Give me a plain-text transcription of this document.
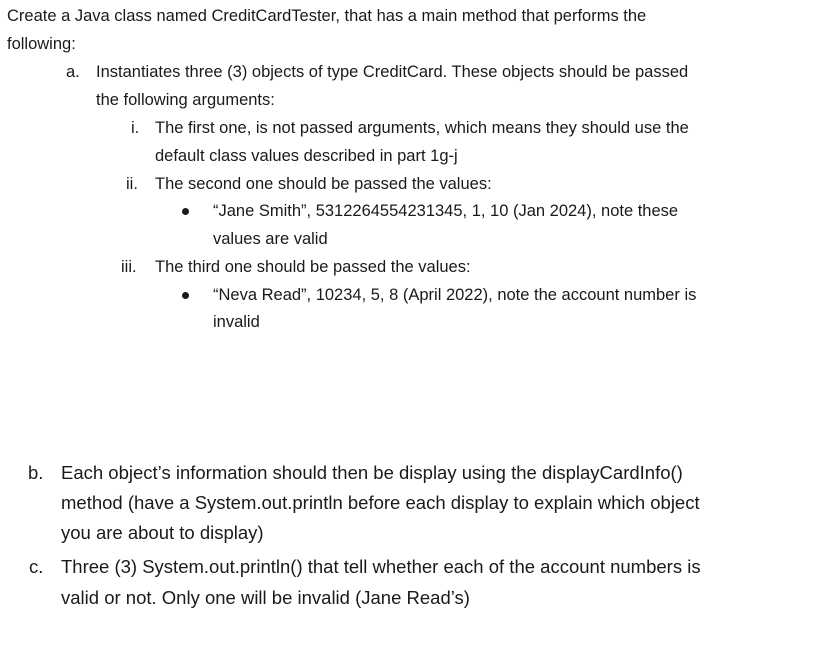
Create a Java class named CreditCardTester, that has a main method that performs the
following:
a. Instantiates three (3) objects of type CreditCard. These objects should be passed
the following arguments:
i. The first one, is not passed arguments, which means they should use the
default class values described in part 1g-j
ii. The second one should be passed the values:
“Jane Smith”, 5312264554231345, 1, 10 (Jan 2024), note these
values are valid
iii. The third one should be passed the values:
“Neva Read”, 10234, 5, 8 (April 2022), note the account number is
invalid
b. Each object’s information should then be display using the displayCardInfo()
method (have a System.out.println before each display to explain which object
you are about to display)
c. Three (3) System.out.println() that tell whether each of the account numbers is
valid or not. Only one will be invalid (Jane Read’s)
